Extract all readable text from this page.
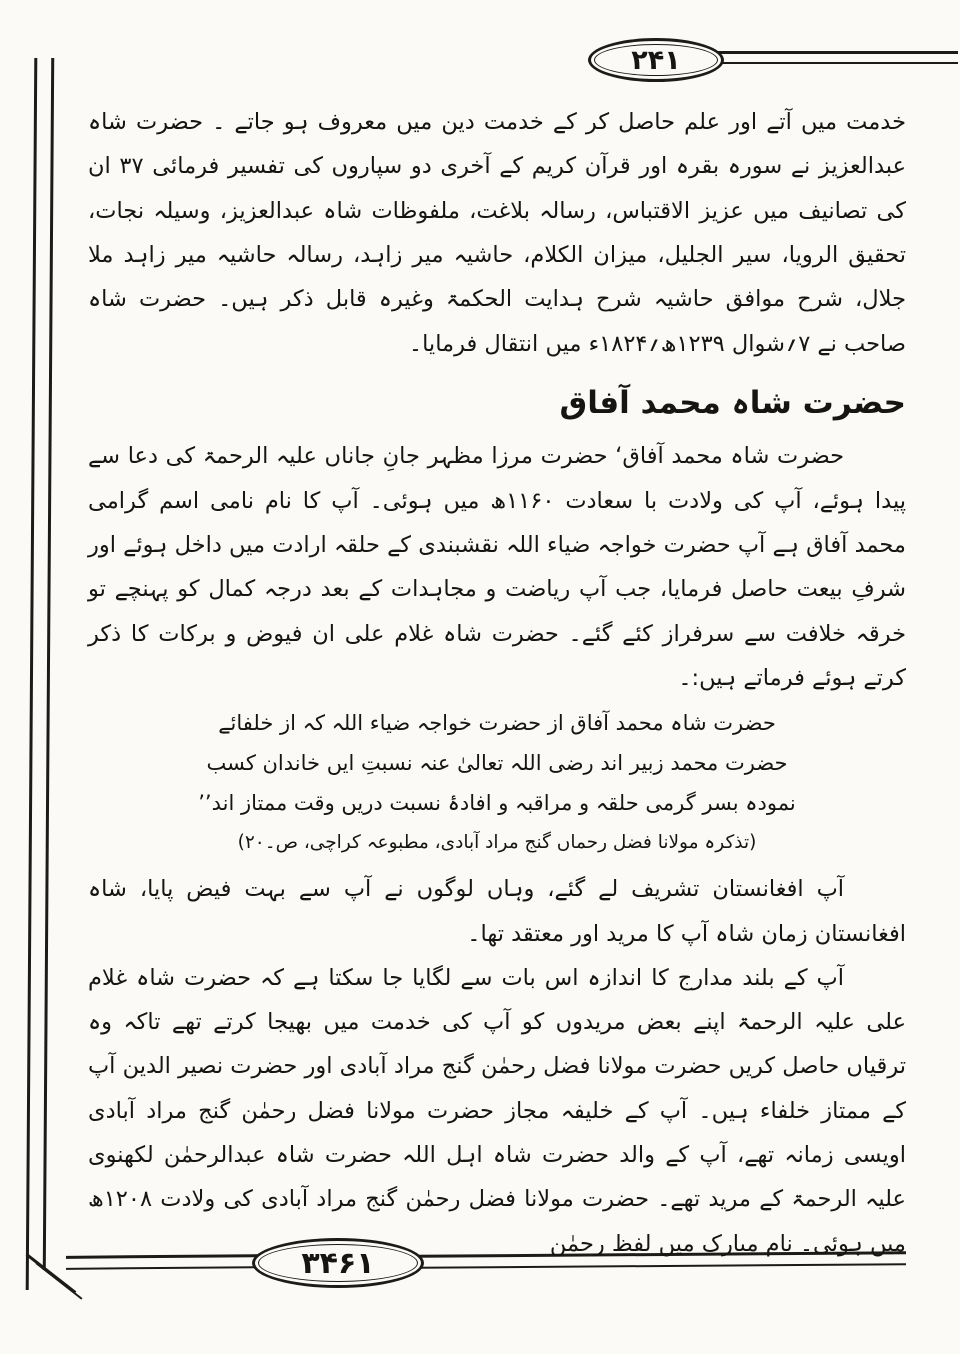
۲۴۱
۳۴۶۱

خدمت میں آتے اور علم حاصل کر کے خدمت دین میں معروف ہو جاتے ۔ حضرت شاہ عبدالعزیز نے سورہ بقرہ اور قرآن کریم کے آخری دو سپاروں کی تفسیر فرمائی ۳۷ ان کی تصانیف میں عزیز الاقتباس، رسالہ بلاغت، ملفوظات شاہ عبدالعزیز، وسیلہ نجات، تحقیق الرویا، سیر الجلیل، میزان الکلام، حاشیہ میر زاہد، رسالہ حاشیہ میر زاہد ملا جلال، شرح موافق حاشیہ شرح ہدایت الحکمۃ وغیرہ قابل ذکر ہیں۔ حضرت شاہ صاحب نے ۷؍شوال ۱۲۳۹ھ؍۱۸۲۴ء میں انتقال فرمایا۔

حضرت شاہ محمد آفاق

حضرت شاہ محمد آفاق‘ حضرت مرزا مظہر جانِ جاناں علیہ الرحمۃ کی دعا سے پیدا ہوئے، آپ کی ولادت با سعادت ۱۱۶۰ھ میں ہوئی۔ آپ کا نام نامی اسم گرامی محمد آفاق ہے آپ حضرت خواجہ ضیاء اللہ نقشبندی کے حلقہ ارادت میں داخل ہوئے اور شرفِ بیعت حاصل فرمایا، جب آپ ریاضت و مجاہدات کے بعد درجہ کمال کو پہنچے تو خرقہ خلافت سے سرفراز کئے گئے۔ حضرت شاہ غلام علی ان فیوض و برکات کا ذکر کرتے ہوئے فرماتے ہیں:۔

حضرت شاہ محمد آفاق از حضرت خواجہ ضیاء اللہ کہ از خلفائے حضرت محمد زبیر اند رضی اللہ تعالیٰ عنہ نسبتِ ایں خاندان کسب نمودہ بسر گرمی حلقہ و مراقبہ و افادۂ نسبت دریں وقت ممتاز اند’’
(تذکرہ مولانا فضل رحماں گنج مراد آبادی، مطبوعہ کراچی، ص۔۲۰)

آپ افغانستان تشریف لے گئے، وہاں لوگوں نے آپ سے بہت فیض پایا، شاہ افغانستان زمان شاہ آپ کا مرید اور معتقد تھا۔

آپ کے بلند مدارج کا اندازہ اس بات سے لگایا جا سکتا ہے کہ حضرت شاہ غلام علی علیہ الرحمۃ اپنے بعض مریدوں کو آپ کی خدمت میں بھیجا کرتے تھے تاکہ وہ ترقیاں حاصل کریں حضرت مولانا فضل رحمٰن گنج مراد آبادی اور حضرت نصیر الدین آپ کے ممتاز خلفاء ہیں۔ آپ کے خلیفہ مجاز حضرت مولانا فضل رحمٰن گنج مراد آبادی اویسی زمانہ تھے، آپ کے والد حضرت شاہ اہل اللہ حضرت شاہ عبدالرحمٰن لکھنوی علیہ الرحمۃ کے مرید تھے۔ حضرت مولانا فضل رحمٰن گنج مراد آبادی کی ولادت ۱۲۰۸ھ میں ہوئی۔ نام مبارک میں لفظ رحمٰن
